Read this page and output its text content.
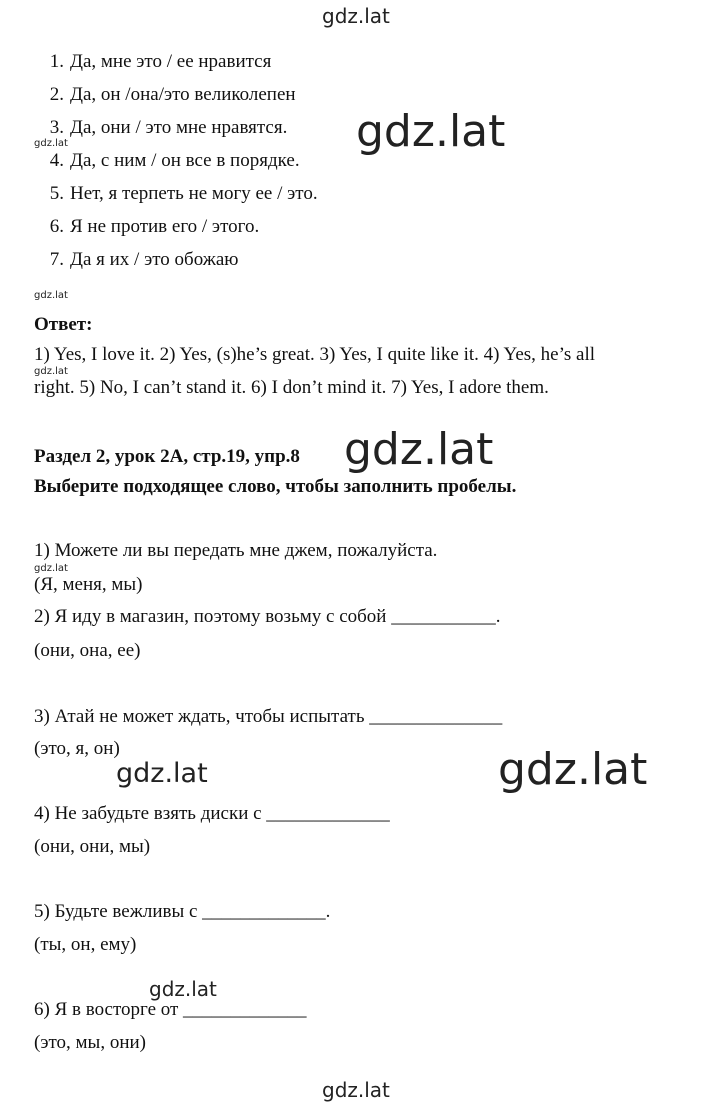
gdz.lat
1. Да, мне это / ее нравится
2. Да, он /она/это великолепен
3. Да, они / это мне нравятся.
4. Да, с ним / он все в порядке.
5. Нет, я терпеть не могу ее / это.
6. Я не против его / этого.
7. Да я их / это обожаю
gdz.lat	gdz.lat
gdz.lat
Ответ:
1) Yes, I love it. 2) Yes, (s)he’s great. 3) Yes, I quite like it. 4) Yes, he’s all
gdz.lat
right. 5) No, I can’t stand it. 6) I don’t mind it. 7) Yes, I adore them.
Раздел 2, урок 2А, стр.19, упр.8 gdz.lat
Выберите подходящее слово, чтобы заполнить пробелы.
1) Можете ли вы передать мне джем, пожалуйста.
gdz.lat
(Я, меня, мы)
2) Я иду в магазин, поэтому возьму с собой ___________.
(они, она, ее)
3) Атай не может ждать, чтобы испытать ______________
(это, я, он)
gdz.lat	gdz.lat
4) Не забудьте взять диски с _____________
(они, они, мы)
5) Будьте вежливы с _____________.
(ты, он, ему)
gdz.lat
6) Я в восторге от _____________
(это, мы, они)
gdz.lat
